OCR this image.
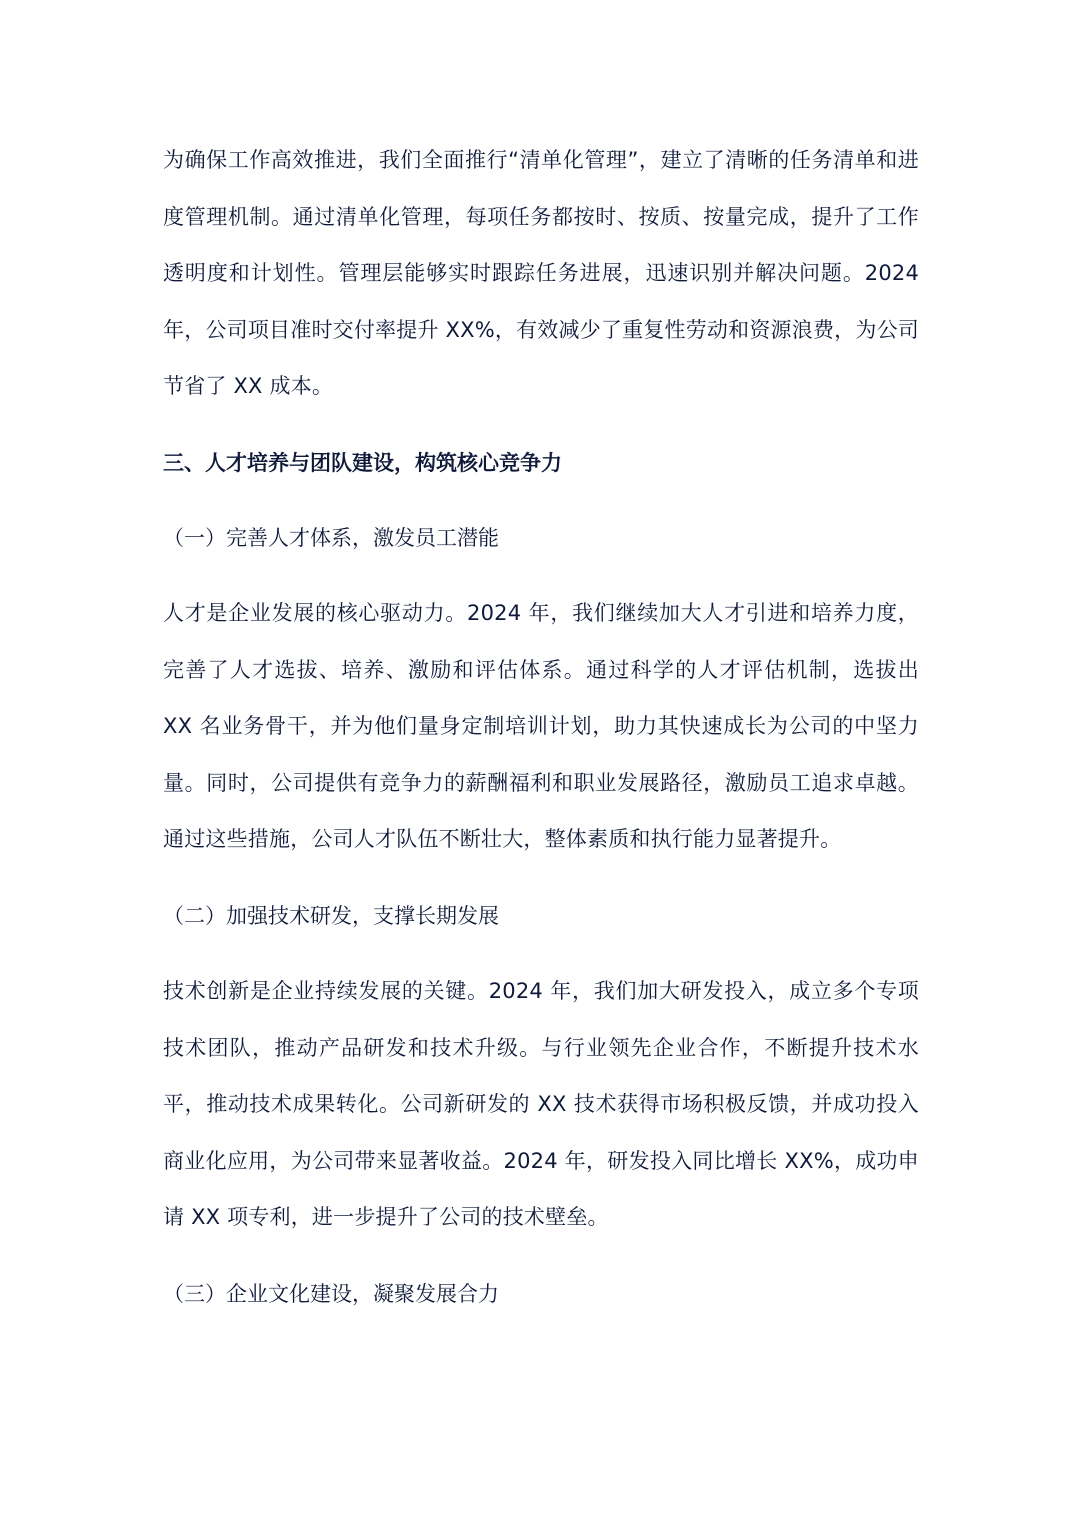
为确保工作高效推进，我们全面推行“清单化管理”，建立了清晰的任务清单和进度管理机制。通过清单化管理，每项任务都按时、按质、按量完成，提升了工作透明度和计划性。管理层能够实时跟踪任务进展，迅速识别并解决问题。2024年，公司项目准时交付率提升 XX%，有效减少了重复性劳动和资源浪费，为公司节省了 XX 成本。

三、人才培养与团队建设，构筑核心竞争力

（一）完善人才体系，激发员工潜能

人才是企业发展的核心驱动力。2024 年，我们继续加大人才引进和培养力度，完善了人才选拔、培养、激励和评估体系。通过科学的人才评估机制，选拔出 XX 名业务骨干，并为他们量身定制培训计划，助力其快速成长为公司的中坚力量。同时，公司提供有竞争力的薪酬福利和职业发展路径，激励员工追求卓越。通过这些措施，公司人才队伍不断壮大，整体素质和执行能力显著提升。

（二）加强技术研发，支撑长期发展

技术创新是企业持续发展的关键。2024 年，我们加大研发投入，成立多个专项技术团队，推动产品研发和技术升级。与行业领先企业合作，不断提升技术水平，推动技术成果转化。公司新研发的 XX 技术获得市场积极反馈，并成功投入商业化应用，为公司带来显著收益。2024 年，研发投入同比增长 XX%，成功申请 XX 项专利，进一步提升了公司的技术壁垒。

（三）企业文化建设，凝聚发展合力
